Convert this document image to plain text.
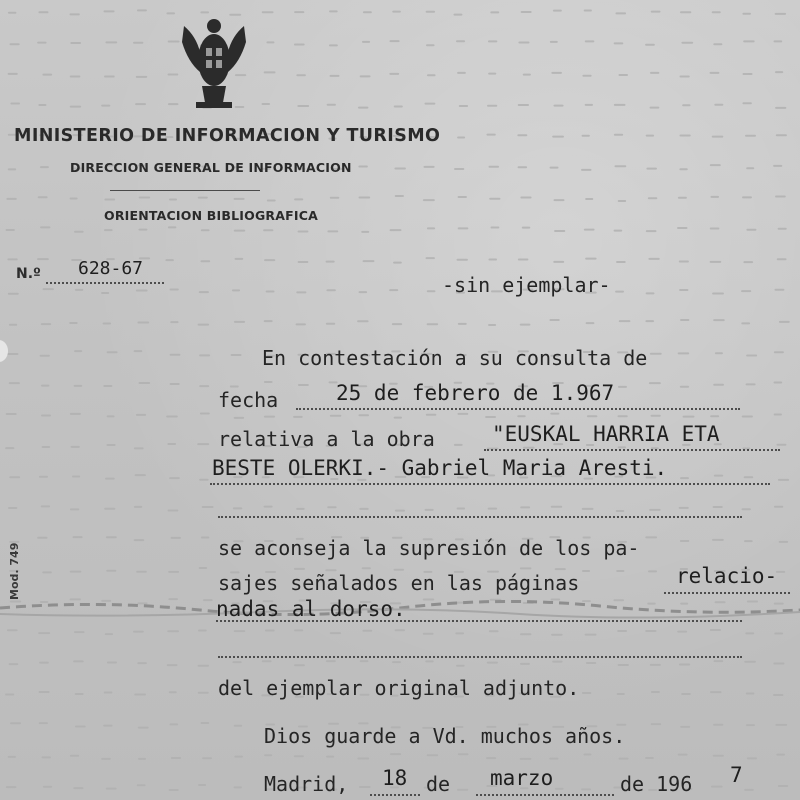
MINISTERIO DE INFORMACION Y TURISMO
DIRECCION GENERAL DE INFORMACION
ORIENTACION BIBLIOGRAFICA
N.º 628-67
-sin ejemplar-
En contestación a su consulta de
fecha	25 de febrero de 1.967
relativa a la obra	"EUSKAL HARRIA ETA
BESTE OLERKI.- Gabriel Maria Aresti.
se aconseja la supresión de los pa-
sajes señalados en las páginas	relacio-
nadas al dorso.
del ejemplar original adjunto.
Dios guarde a Vd. muchos años.
Madrid, 18 de marzo	de 196 7
Mod. 749
